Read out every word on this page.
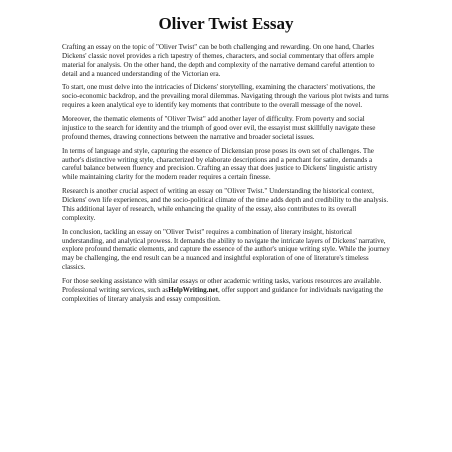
Oliver Twist Essay

Crafting an essay on the topic of "Oliver Twist" can be both challenging and rewarding. On one hand, Charles Dickens' classic novel provides a rich tapestry of themes, characters, and social commentary that offers ample material for analysis. On the other hand, the depth and complexity of the narrative demand careful attention to detail and a nuanced understanding of the Victorian era.

To start, one must delve into the intricacies of Dickens' storytelling, examining the characters' motivations, the socio-economic backdrop, and the prevailing moral dilemmas. Navigating through the various plot twists and turns requires a keen analytical eye to identify key moments that contribute to the overall message of the novel.

Moreover, the thematic elements of "Oliver Twist" add another layer of difficulty. From poverty and social injustice to the search for identity and the triumph of good over evil, the essayist must skillfully navigate these profound themes, drawing connections between the narrative and broader societal issues.

In terms of language and style, capturing the essence of Dickensian prose poses its own set of challenges. The author's distinctive writing style, characterized by elaborate descriptions and a penchant for satire, demands a careful balance between fluency and precision. Crafting an essay that does justice to Dickens' linguistic artistry while maintaining clarity for the modern reader requires a certain finesse.

Research is another crucial aspect of writing an essay on "Oliver Twist." Understanding the historical context, Dickens' own life experiences, and the socio-political climate of the time adds depth and credibility to the analysis. This additional layer of research, while enhancing the quality of the essay, also contributes to its overall complexity.

In conclusion, tackling an essay on "Oliver Twist" requires a combination of literary insight, historical understanding, and analytical prowess. It demands the ability to navigate the intricate layers of Dickens' narrative, explore profound thematic elements, and capture the essence of the author's unique writing style. While the journey may be challenging, the end result can be a nuanced and insightful exploration of one of literature's timeless classics.

For those seeking assistance with similar essays or other academic writing tasks, various resources are available. Professional writing services, such asHelpWriting.net, offer support and guidance for individuals navigating the complexities of literary analysis and essay composition.
